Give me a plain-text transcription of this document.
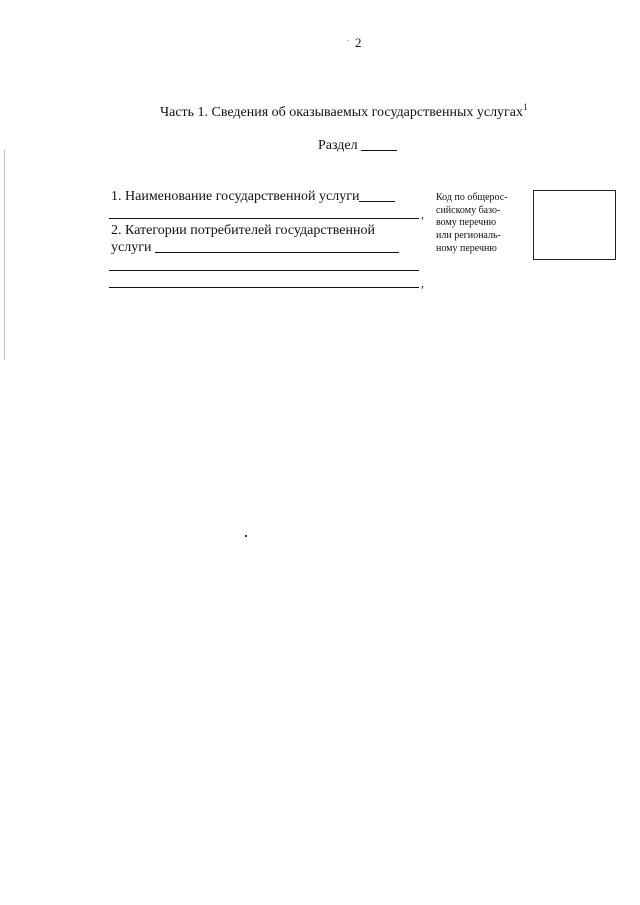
2
Часть 1. Сведения об оказываемых государственных услугах$^1$
Раздел
1. Наименование государственной услуги
,
2. Категории потребителей государственной
услуги
,
Код по общерос-
сийскому базо-
вому перечню
или региональ-
ному перечню
